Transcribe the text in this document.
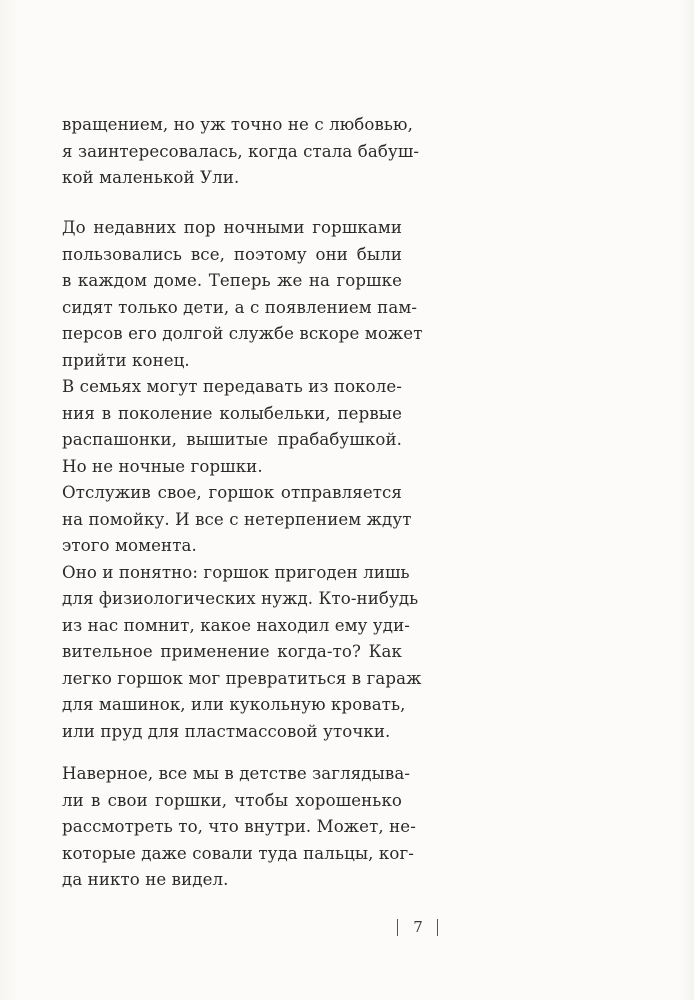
вращением, но уж точно не с любовью,
я заинтересовалась, когда стала бабуш-
кой маленькой Ули.
До недавних пор ночными горшками
пользовались все, поэтому они были
в каждом доме. Теперь же на горшке
сидят только дети, а с появлением пам-
персов его долгой службе вскоре может
прийти конец.
В семьях могут передавать из поколе-
ния в поколение колыбельки, первые
распашонки, вышитые прабабушкой.
Но не ночные горшки.
Отслужив свое, горшок отправляется
на помойку. И все с нетерпением ждут
этого момента.
Оно и понятно: горшок пригоден лишь
для физиологических нужд. Кто-нибудь
из нас помнит, какое находил ему уди-
вительное применение когда-то? Как
легко горшок мог превратиться в гараж
для машинок, или кукольную кровать,
или пруд для пластмассовой уточки.
Наверное, все мы в детстве заглядыва-
ли в свои горшки, чтобы хорошенько
рассмотреть то, что внутри. Может, не-
которые даже совали туда пальцы, ког-
да никто не видел.
7
